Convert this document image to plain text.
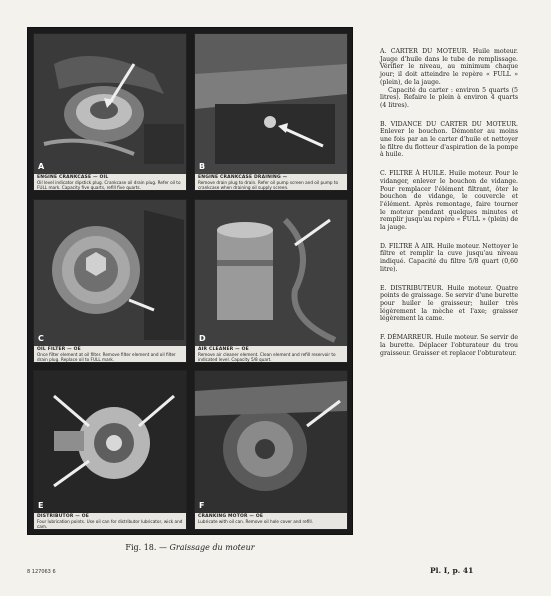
A
ENGINE CRANKCASE — OIL
Oil level indicator dipstick plug. Crankcase oil drain plug. Refer oil to FULL mark. Capacity five quarts, refill five quarts.
B
ENGINE CRANKCASE DRAINING —
Remove drain plug to drain. Refer oil pump screen and oil pump to crankcase when draining oil supply screen.
C
OIL FILTER — OE
Once filter element at oil filter. Remove filter element and oil filter drain plug. Replace oil to FULL mark.
D
AIR CLEANER — OE
Remove air cleaner element. Clean element and refill reservoir to indicated level. Capacity 5/8 quart.
E
DISTRIBUTOR — OE
Four lubrication points. Use oil can for distributor lubricator, wick and cam.
F
CRANKING MOTOR — OE
Lubricate with oil can. Remove oil hole cover and refill.
Fig. 18. — Graissage du moteur
8 127063 6	Pl. I, p. 41

A. CARTER DU MOTEUR. Huile moteur. Jauge d'huile dans le tube de remplissage. Vérifier le niveau, au minimum chaque jour; il doit atteindre le repère « FULL » (plein), de la jauge.

Capacité du carter : environ 5 quarts (5 litres). Refaire le plein à environ 4 quarts (4 litres).

B. VIDANCE DU CARTER DU MOTEUR. Enlever le bouchon. Démonter au moins une fois par an le carter d'huile et nettoyer le filtre du flotteur d'aspiration de la pompe à huile.

C. FILTRE À HUILE. Huile moteur. Pour le vidanger, enlever le bouchon de vidange. Pour remplacer l'élément filtrant, ôter le bouchon de vidange, le couvercle et l'élément. Après remontage, faire tourner le moteur pendant quelques minutes et remplir jusqu'au repère « FULL » (plein) de la jauge.

D. FILTRE À AIR. Huile moteur. Nettoyer le filtre et remplir la cuve jusqu'au niveau indiqué. Capacité du filtre 5/8 quart (0,60 litre).

E. DISTRIBUTEUR. Huile moteur. Quatre points de graissage. Se servir d'une burette pour huiler le graisseur; huiler très légèrement la mèche et l'axe; graisser légèrement la came.

F. DÉMARREUR. Huile moteur. Se servir de la burette. Déplacer l'obturateur du trou graisseur. Graisser et replacer l'obturateur.
